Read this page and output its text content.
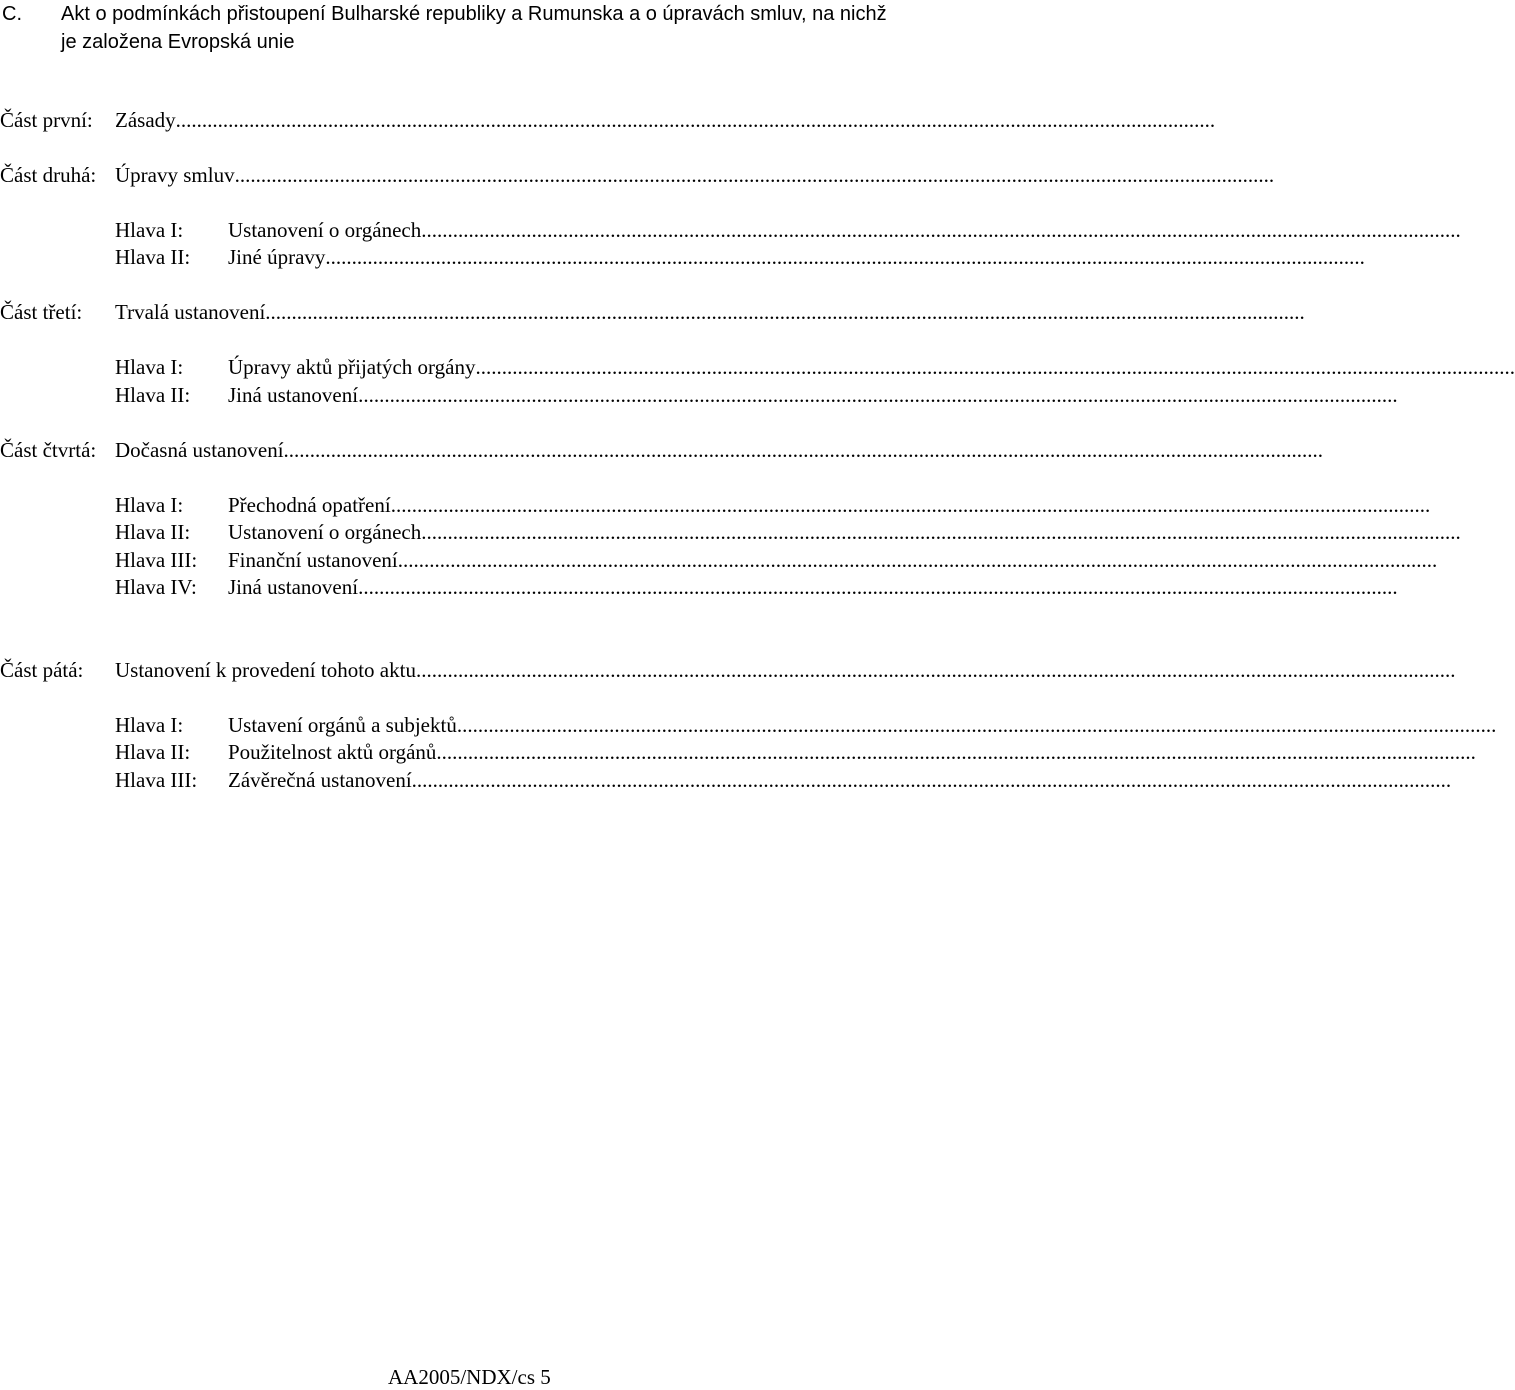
C. Akt o podmínkách přistoupení Bulharské republiky a Rumunska a o úpravách smluv, na nichž
je založena Evropská unie
Část první: Zásady ......................................................................................................................................................................................................
Část druhá: Úpravy smluv ......................................................................................................................................................................................................
Hlava I: Ustanovení o orgánech ......................................................................................................................................................................................................
Hlava II: Jiné úpravy ......................................................................................................................................................................................................
Část třetí: Trvalá ustanovení ......................................................................................................................................................................................................
Hlava I: Úpravy aktů přijatých orgány ......................................................................................................................................................................................................
Hlava II: Jiná ustanovení ......................................................................................................................................................................................................
Část čtvrtá: Dočasná ustanovení ......................................................................................................................................................................................................
Hlava I: Přechodná opatření ......................................................................................................................................................................................................
Hlava II: Ustanovení o orgánech ......................................................................................................................................................................................................
Hlava III: Finanční ustanovení ......................................................................................................................................................................................................
Hlava IV: Jiná ustanovení ......................................................................................................................................................................................................
Část pátá: Ustanovení k provedení tohoto aktu ......................................................................................................................................................................................................
Hlava I: Ustavení orgánů a subjektů ......................................................................................................................................................................................................
Hlava II: Použitelnost aktů orgánů ......................................................................................................................................................................................................
Hlava III: Závěrečná ustanovení ......................................................................................................................................................................................................
AA2005/NDX/cs 5
